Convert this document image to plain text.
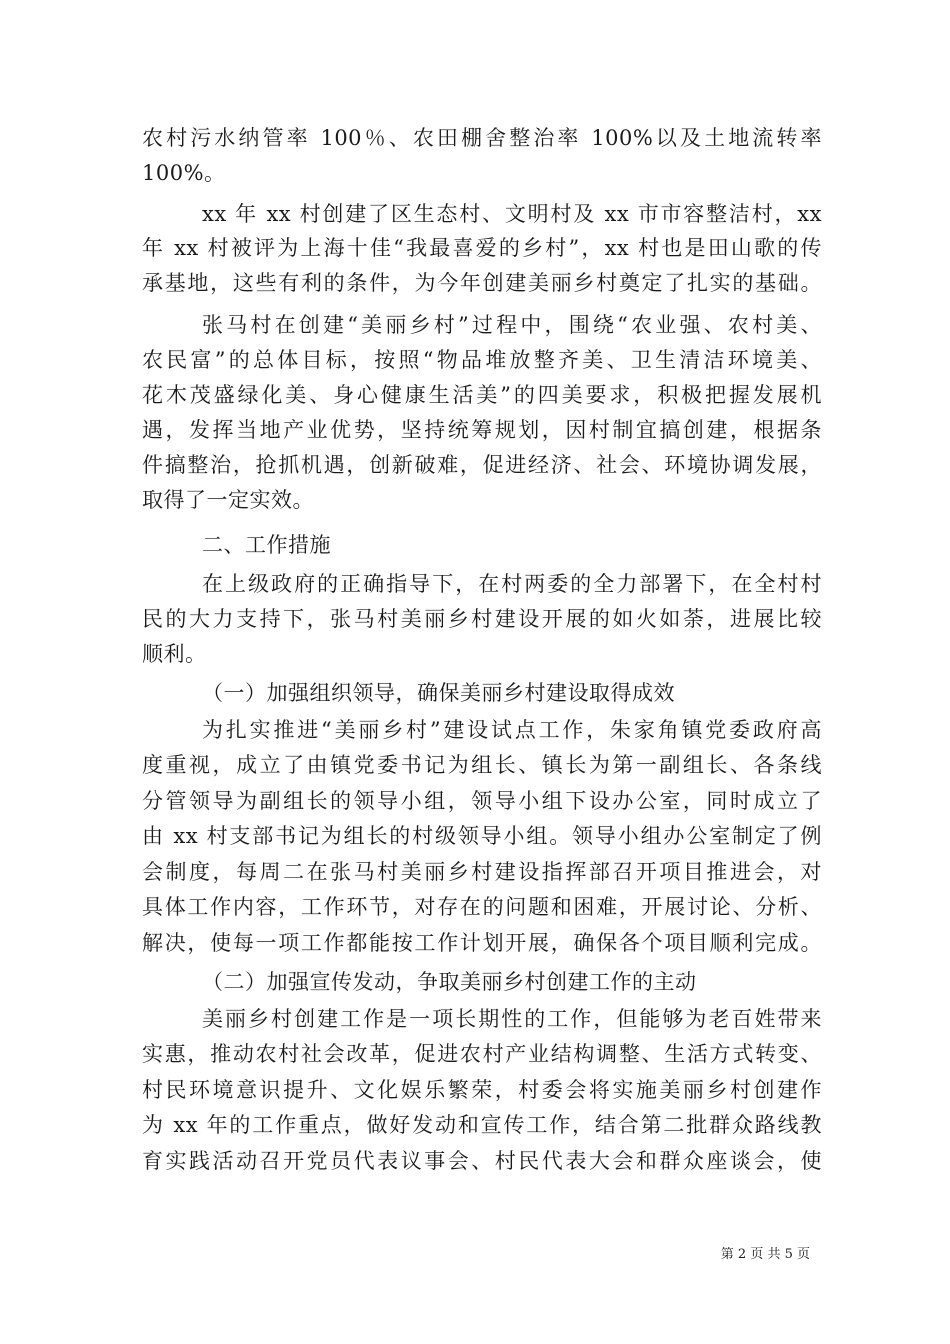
农村污水纳管率 100％、农田棚舍整治率 100%以及土地流转率
100%。
xx 年 xx 村创建了区生态村、文明村及 xx 市市容整洁村，xx
年 xx 村被评为上海十佳“我最喜爱的乡村”，xx 村也是田山歌的传
承基地，这些有利的条件，为今年创建美丽乡村奠定了扎实的基础。
张马村在创建“美丽乡村”过程中，围绕“农业强、农村美、
农民富”的总体目标，按照“物品堆放整齐美、卫生清洁环境美、
花木茂盛绿化美、身心健康生活美”的四美要求，积极把握发展机
遇，发挥当地产业优势，坚持统筹规划，因村制宜搞创建，根据条
件搞整治，抢抓机遇，创新破难，促进经济、社会、环境协调发展，
取得了一定实效。
二、工作措施
在上级政府的正确指导下，在村两委的全力部署下，在全村村
民的大力支持下，张马村美丽乡村建设开展的如火如荼，进展比较
顺利。
（一）加强组织领导，确保美丽乡村建设取得成效
为扎实推进“美丽乡村”建设试点工作，朱家角镇党委政府高
度重视，成立了由镇党委书记为组长、镇长为第一副组长、各条线
分管领导为副组长的领导小组，领导小组下设办公室，同时成立了
由 xx 村支部书记为组长的村级领导小组。领导小组办公室制定了例
会制度，每周二在张马村美丽乡村建设指挥部召开项目推进会，对
具体工作内容，工作环节，对存在的问题和困难，开展讨论、分析、
解决，使每一项工作都能按工作计划开展，确保各个项目顺利完成。
（二）加强宣传发动，争取美丽乡村创建工作的主动
美丽乡村创建工作是一项长期性的工作，但能够为老百姓带来
实惠，推动农村社会改革，促进农村产业结构调整、生活方式转变、
村民环境意识提升、文化娱乐繁荣，村委会将实施美丽乡村创建作
为 xx 年的工作重点，做好发动和宣传工作，结合第二批群众路线教
育实践活动召开党员代表议事会、村民代表大会和群众座谈会，使
第 2 页 共 5 页
